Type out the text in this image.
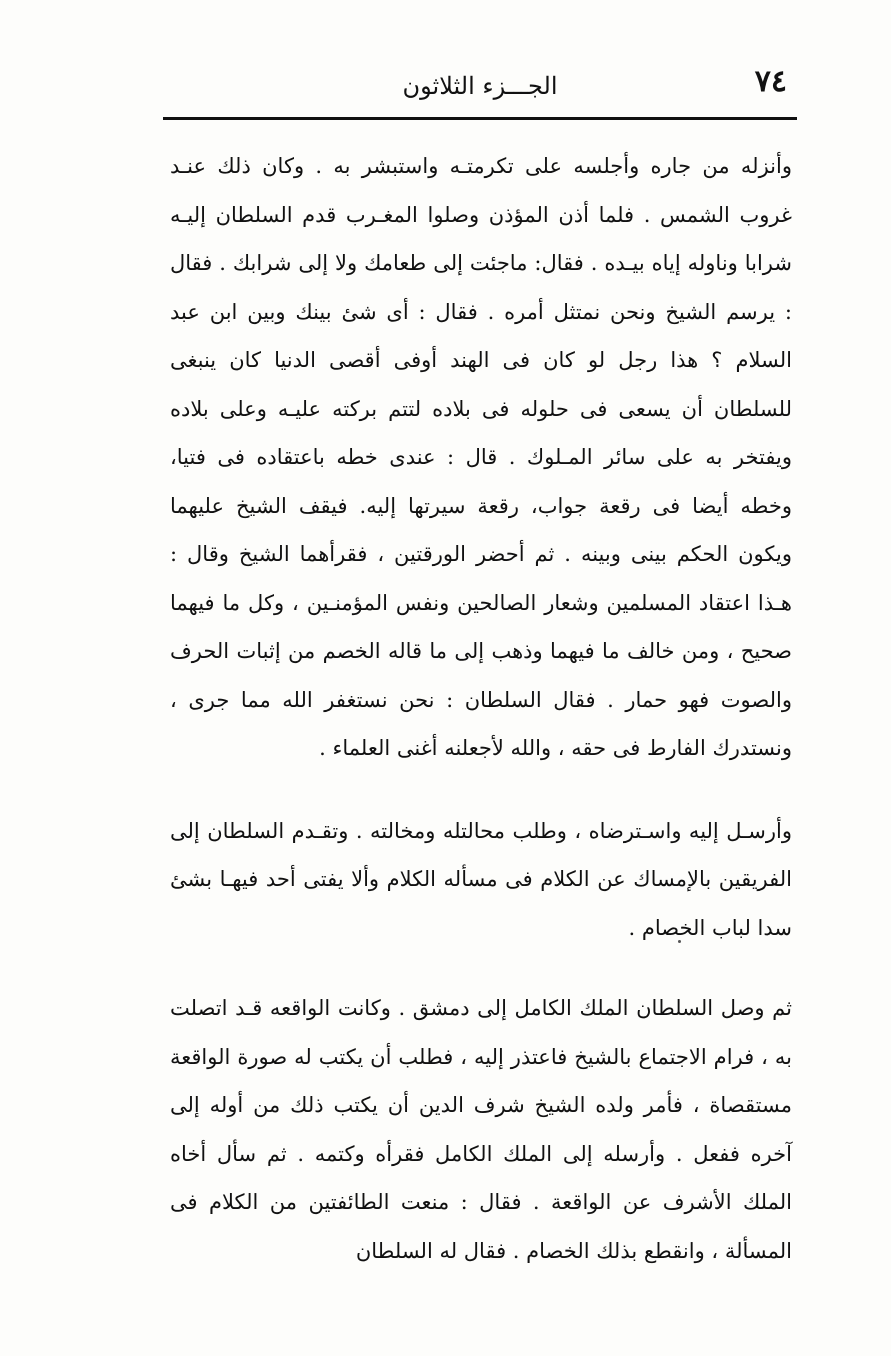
٧٤
الجـــزء الثلاثون

وأنزله من جاره وأجلسه على تكرمتـه واستبشر به . وكان ذلك عنـد غروب الشمس . فلما أذن المؤذن وصلوا المغـرب قدم السلطان إليـه شرابا وناوله إياه بيـده . فقال: ماجئت إلى طعامك ولا إلى شرابك . فقال : يرسم الشيخ ونحن نمتثل أمره . فقال : أى شئ بينك وبين ابن عبد السلام ؟ هذا رجل لو كان فى الهند أوفى أقصى الدنيا كان ينبغى للسلطان أن يسعى فى حلوله فى بلاده لتتم بركته عليـه وعلى بلاده ويفتخر به على سائر المـلوك . قال : عندى خطه باعتقاده فى فتيا، وخطه أيضا فى رقعة جواب، رقعة سيرتها إليه. فيقف الشيخ عليهما ويكون الحكم بينى وبينه . ثم أحضر الورقتين ، فقرأهما الشيخ وقال : هـذا اعتقاد المسلمين وشعار الصالحين ونفس المؤمنـين ، وكل ما فيهما صحيح ، ومن خالف ما فيهما وذهب إلى ما قاله الخصم من إثبات الحرف والصوت فهو حمار . فقال السلطان : نحن نستغفر الله مما جرى ، ونستدرك الفارط فى حقه ، والله لأجعلنه أغنى العلماء .

وأرسـل إليه واسـترضاه ، وطلب محالتله ومخالته . وتقـدم السلطان إلى الفريقين بالإمساك عن الكلام فى مسأله الكلام وألا يفتى أحد فيهـا بشئ سدا لباب الخصام .

ثم وصل السلطان الملك الكامل إلى دمشق . وكانت الواقعه قـد اتصلت به ، فرام الاجتماع بالشيخ فاعتذر إليه ، فطلب أن يكتب له صورة الواقعة مستقصاة ، فأمر ولده الشيخ شرف الدين أن يكتب ذلك من أوله إلى آخره ففعل . وأرسله إلى الملك الكامل فقرأه وكتمه . ثم سأل أخاه الملك الأشرف عن الواقعة . فقال : منعت الطائفتين من الكلام فى المسألة ، وانقطع بذلك الخصام . فقال له السلطان
